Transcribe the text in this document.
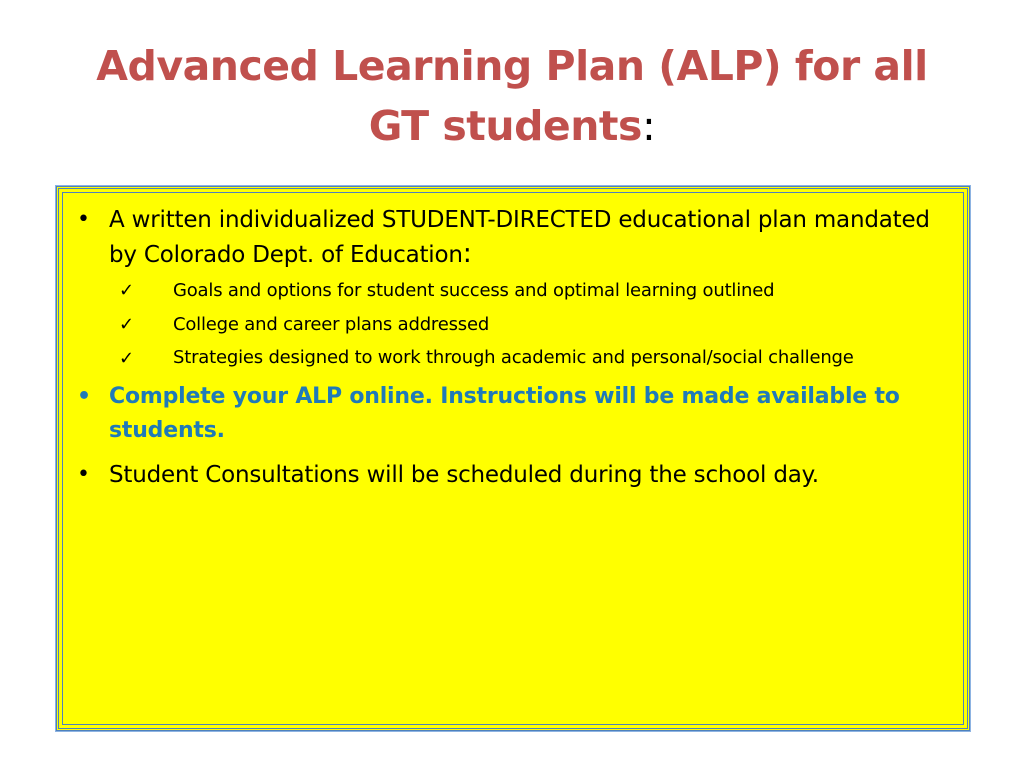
Advanced Learning Plan (ALP) for all
GT students:
• A written individualized STUDENT-DIRECTED educational plan mandated by Colorado Dept. of Education:
✓ Goals and options for student success and optimal learning outlined
✓ College and career plans addressed
✓ Strategies designed to work through academic and personal/social challenge
• Complete your ALP online. Instructions will be made available to students.
• Student Consultations will be scheduled during the school day.
